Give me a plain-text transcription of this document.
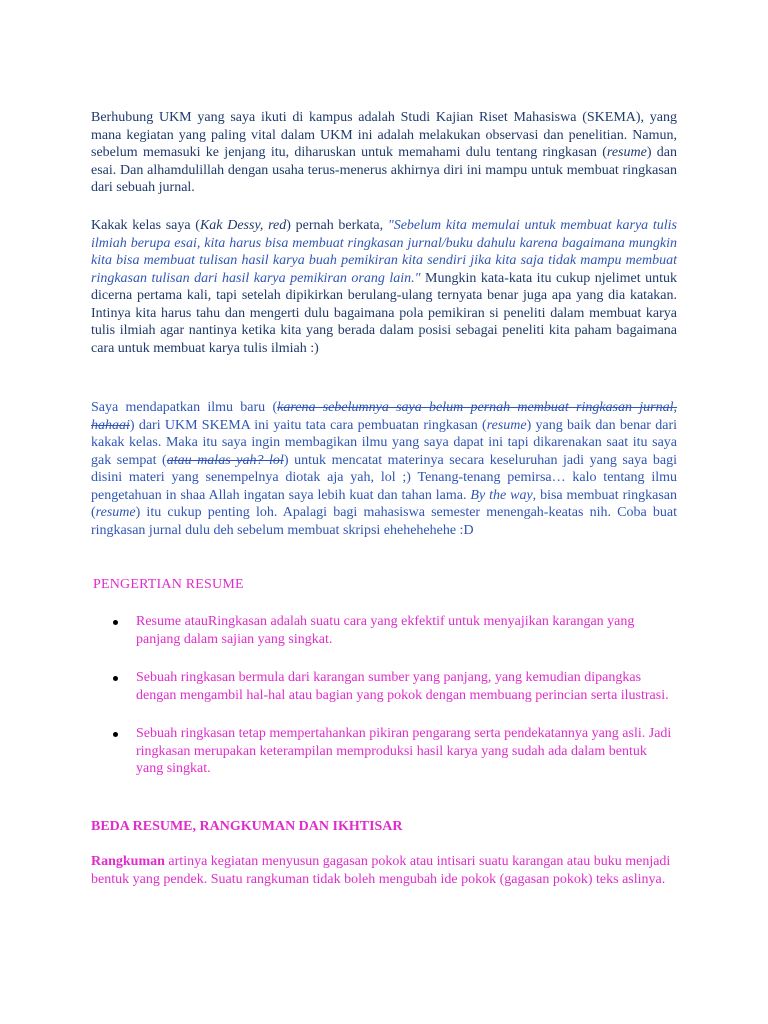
Berhubung UKM yang saya ikuti di kampus adalah Studi Kajian Riset Mahasiswa (SKEMA), yang mana kegiatan yang paling vital dalam UKM ini adalah melakukan observasi dan penelitian. Namun, sebelum memasuki ke jenjang itu, diharuskan untuk memahami dulu tentang ringkasan (resume) dan esai. Dan alhamdulillah dengan usaha terus-menerus akhirnya diri ini mampu untuk membuat ringkasan dari sebuah jurnal.

Kakak kelas saya (Kak Dessy, red) pernah berkata, "Sebelum kita memulai untuk membuat karya tulis ilmiah berupa esai, kita harus bisa membuat ringkasan jurnal/buku dahulu karena bagaimana mungkin kita bisa membuat tulisan hasil karya buah pemikiran kita sendiri jika kita saja tidak mampu membuat ringkasan tulisan dari hasil karya pemikiran orang lain." Mungkin kata-kata itu cukup njelimet untuk dicerna pertama kali, tapi setelah dipikirkan berulang-ulang ternyata benar juga apa yang dia katakan. Intinya kita harus tahu dan mengerti dulu bagaimana pola pemikiran si peneliti dalam membuat karya tulis ilmiah agar nantinya ketika kita yang berada dalam posisi sebagai peneliti kita paham bagaimana cara untuk membuat karya tulis ilmiah :)

Saya mendapatkan ilmu baru (karena sebelumnya saya belum pernah membuat ringkasan jurnal, hahaai) dari UKM SKEMA ini yaitu tata cara pembuatan ringkasan (resume) yang baik dan benar dari kakak kelas. Maka itu saya ingin membagikan ilmu yang saya dapat ini tapi dikarenakan saat itu saya gak sempat (atau malas yah? lol) untuk mencatat materinya secara keseluruhan jadi yang saya bagi disini materi yang senempelnya diotak aja yah, lol ;) Tenang-tenang pemirsa… kalo tentang ilmu pengetahuan in shaa Allah ingatan saya lebih kuat dan tahan lama. By the way, bisa membuat ringkasan (resume) itu cukup penting loh. Apalagi bagi mahasiswa semester menengah-keatas nih. Coba buat ringkasan jurnal dulu deh sebelum membuat skripsi ehehehehehe :D

PENGERTIAN RESUME
Resume atauRingkasan adalah suatu cara yang ekfektif untuk menyajikan karangan yang panjang dalam sajian yang singkat.
Sebuah ringkasan bermula dari karangan sumber yang panjang, yang kemudian dipangkas dengan mengambil hal-hal atau bagian yang pokok dengan membuang perincian serta ilustrasi.
Sebuah ringkasan tetap mempertahankan pikiran pengarang serta pendekatannya yang asli. Jadi ringkasan merupakan keterampilan memproduksi hasil karya yang sudah ada dalam bentuk yang singkat.
BEDA RESUME, RANGKUMAN DAN IKHTISAR

Rangkuman artinya kegiatan menyusun gagasan pokok atau intisari suatu karangan atau buku menjadi bentuk yang pendek. Suatu rangkuman tidak boleh mengubah ide pokok (gagasan pokok) teks aslinya.
